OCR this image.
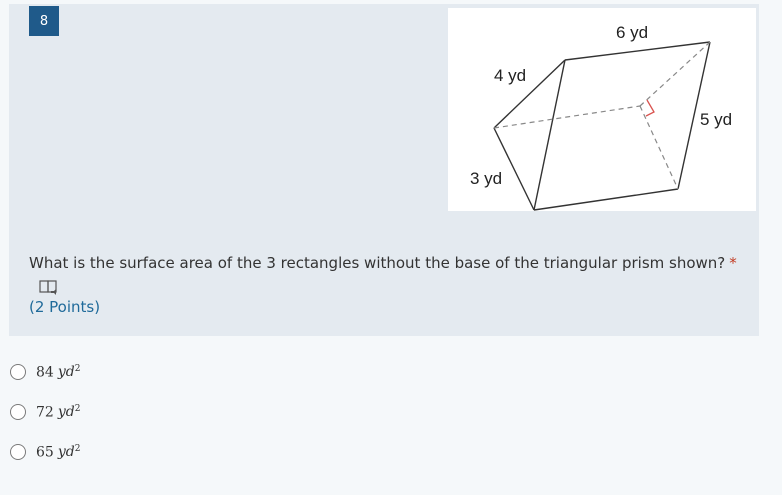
8
6 yd
4 yd
5 yd
3 yd
What is the surface area of the 3 rectangles without the base of the triangular prism shown? *
(2 Points)
84 $yd^2$
72 $yd^2$
65 $yd^2$
